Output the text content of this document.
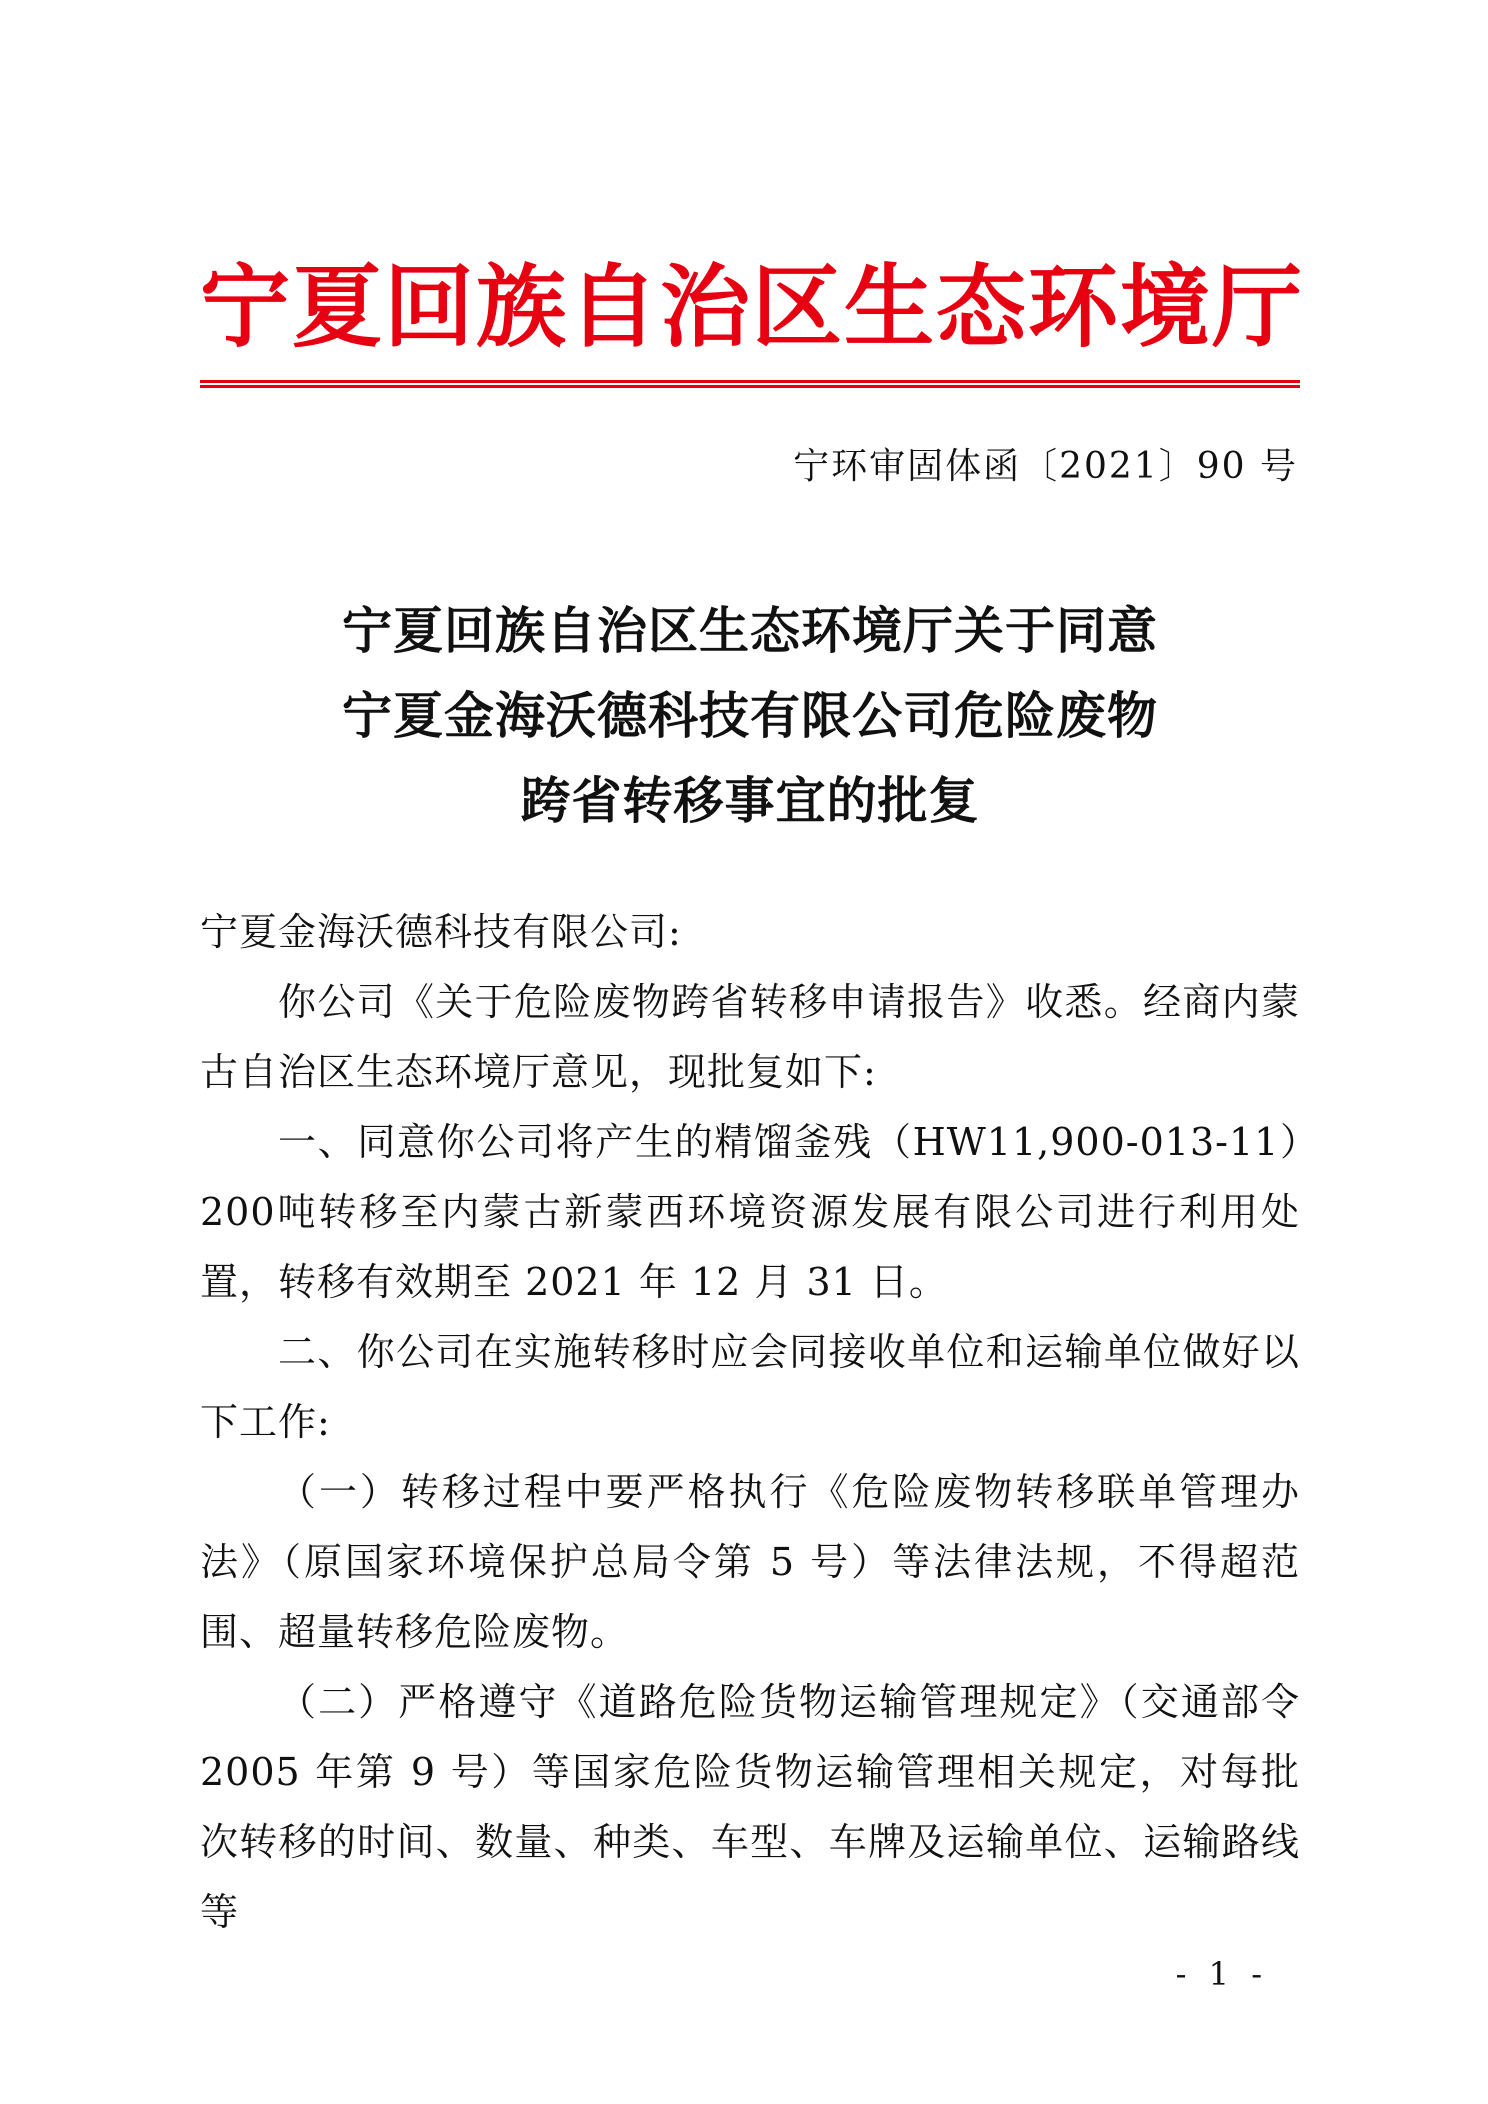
宁夏回族自治区生态环境厅
宁环审固体函〔2021〕90 号
宁夏回族自治区生态环境厅关于同意
宁夏金海沃德科技有限公司危险废物
跨省转移事宜的批复

宁夏金海沃德科技有限公司:

你公司《关于危险废物跨省转移申请报告》收悉。经商内蒙古自治区生态环境厅意见，现批复如下:

一、同意你公司将产生的精馏釜残（HW11,900-013-11）200吨转移至内蒙古新蒙西环境资源发展有限公司进行利用处置，转移有效期至 2021 年 12 月 31 日。

二、你公司在实施转移时应会同接收单位和运输单位做好以下工作:

（一）转移过程中要严格执行《危险废物转移联单管理办法》（原国家环境保护总局令第 5 号）等法律法规，不得超范围、超量转移危险废物。

（二）严格遵守《道路危险货物运输管理规定》（交通部令2005 年第 9 号）等国家危险货物运输管理相关规定，对每批次转移的时间、数量、种类、车型、车牌及运输单位、运输路线等

- 1 -
